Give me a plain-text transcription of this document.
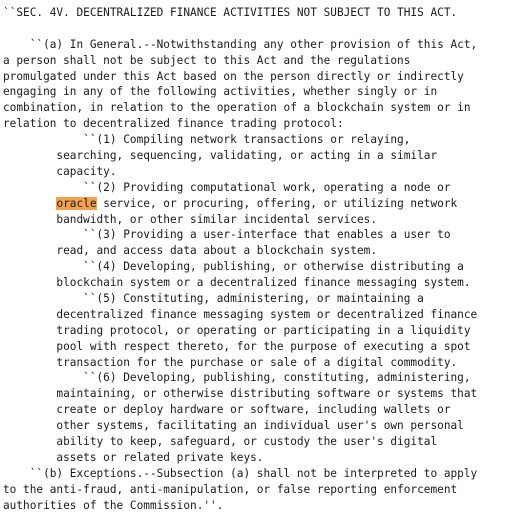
``SEC. 4V. DECENTRALIZED FINANCE ACTIVITIES NOT SUBJECT TO THIS ACT.
``(a) In General.--Notwithstanding any other provision of this Act,
a person shall not be subject to this Act and the regulations
promulgated under this Act based on the person directly or indirectly
engaging in any of the following activities, whether singly or in
combination, in relation to the operation of a blockchain system or in
relation to decentralized finance trading protocol:
``(1) Compiling network transactions or relaying,
searching, sequencing, validating, or acting in a similar
capacity.
``(2) Providing computational work, operating a node or
oracle service, or procuring, offering, or utilizing network
bandwidth, or other similar incidental services.
``(3) Providing a user-interface that enables a user to
read, and access data about a blockchain system.
``(4) Developing, publishing, or otherwise distributing a
blockchain system or a decentralized finance messaging system.
``(5) Constituting, administering, or maintaining a
decentralized finance messaging system or decentralized finance
trading protocol, or operating or participating in a liquidity
pool with respect thereto, for the purpose of executing a spot
transaction for the purchase or sale of a digital commodity.
``(6) Developing, publishing, constituting, administering,
maintaining, or otherwise distributing software or systems that
create or deploy hardware or software, including wallets or
other systems, facilitating an individual user's own personal
ability to keep, safeguard, or custody the user's digital
assets or related private keys.
``(b) Exceptions.--Subsection (a) shall not be interpreted to apply
to the anti-fraud, anti-manipulation, or false reporting enforcement
authorities of the Commission.''.
